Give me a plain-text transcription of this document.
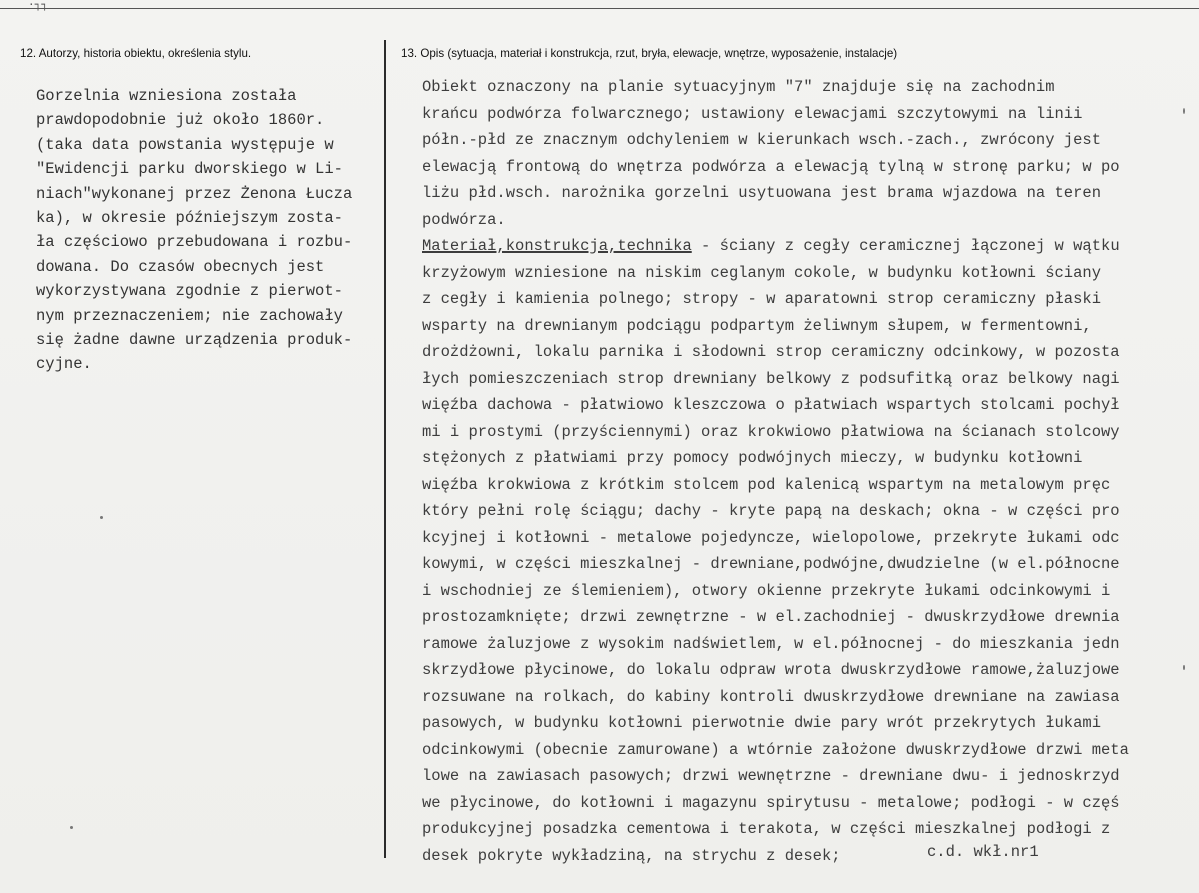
·┐┐
12. Autorzy, historia obiektu, określenia stylu.	13. Opis (sytuacja, materiał i konstrukcja, rzut, bryła, elewacje, wnętrze, wyposażenie, instalacje)
Gorzelnia wzniesiona została
prawdopodobnie już około 1860r.
(taka data powstania występuje w
"Ewidencji parku dworskiego w Li-
niach"wykonanej przez Żenona Łucza
ka), w okresie późniejszym zosta-
ła częściowo przebudowana i rozbu-
dowana. Do czasów obecnych jest
wykorzystywana zgodnie z pierwot-
nym przeznaczeniem; nie zachowały
się żadne dawne urządzenia produk-
cyjne.
Obiekt oznaczony na planie sytuacyjnym "7" znajduje się na zachodnim
krańcu podwórza folwarcznego; ustawiony elewacjami szczytowymi na linii
półn.-płd ze znacznym odchyleniem w kierunkach wsch.-zach., zwrócony jest
elewacją frontową do wnętrza podwórza a elewacją tylną w stronę parku; w po
liżu płd.wsch. narożnika gorzelni usytuowana jest brama wjazdowa na teren
podwórza.
Materiał,konstrukcja,technika - ściany z cegły ceramicznej łączonej w wątku
krzyżowym wzniesione na niskim ceglanym cokole, w budynku kotłowni ściany
z cegły i kamienia polnego; stropy - w aparatowni strop ceramiczny płaski
wsparty na drewnianym podciągu podpartym żeliwnym słupem, w fermentowni,
drożdżowni, lokalu parnika i słodowni strop ceramiczny odcinkowy, w pozosta
łych pomieszczeniach strop drewniany belkowy z podsufitką oraz belkowy nagi
więźba dachowa - płatwiowo kleszczowa o płatwiach wspartych stolcami pochył
mi i prostymi (przyściennymi) oraz krokwiowo płatwiowa na ścianach stolcowy
stężonych z płatwiami przy pomocy podwójnych mieczy, w budynku kotłowni
więźba krokwiowa z krótkim stolcem pod kalenicą wspartym na metalowym pręc
który pełni rolę ściągu; dachy - kryte papą na deskach; okna - w części pro
kcyjnej i kotłowni - metalowe pojedyncze, wielopolowe, przekryte łukami odc
kowymi, w części mieszkalnej - drewniane,podwójne,dwudzielne (w el.północne
i wschodniej ze ślemieniem), otwory okienne przekryte łukami odcinkowymi i
prostozamknięte; drzwi zewnętrzne - w el.zachodniej - dwuskrzydłowe drewnia
ramowe żaluzjowe z wysokim nadświetlem, w el.północnej - do mieszkania jedn
skrzydłowe płycinowe, do lokalu odpraw wrota dwuskrzydłowe ramowe,żaluzjowe
rozsuwane na rolkach, do kabiny kontroli dwuskrzydłowe drewniane na zawiasa
pasowych, w budynku kotłowni pierwotnie dwie pary wrót przekrytych łukami
odcinkowymi (obecnie zamurowane) a wtórnie założone dwuskrzydłowe drzwi meta
lowe na zawiasach pasowych; drzwi wewnętrzne - drewniane dwu- i jednoskrzyd
we płycinowe, do kotłowni i magazynu spirytusu - metalowe; podłogi - w częś
produkcyjnej posadzka cementowa i terakota, w części mieszkalnej podłogi z
desek pokryte wykładziną, na strychu z desek;	c.d. wkł.nr1
